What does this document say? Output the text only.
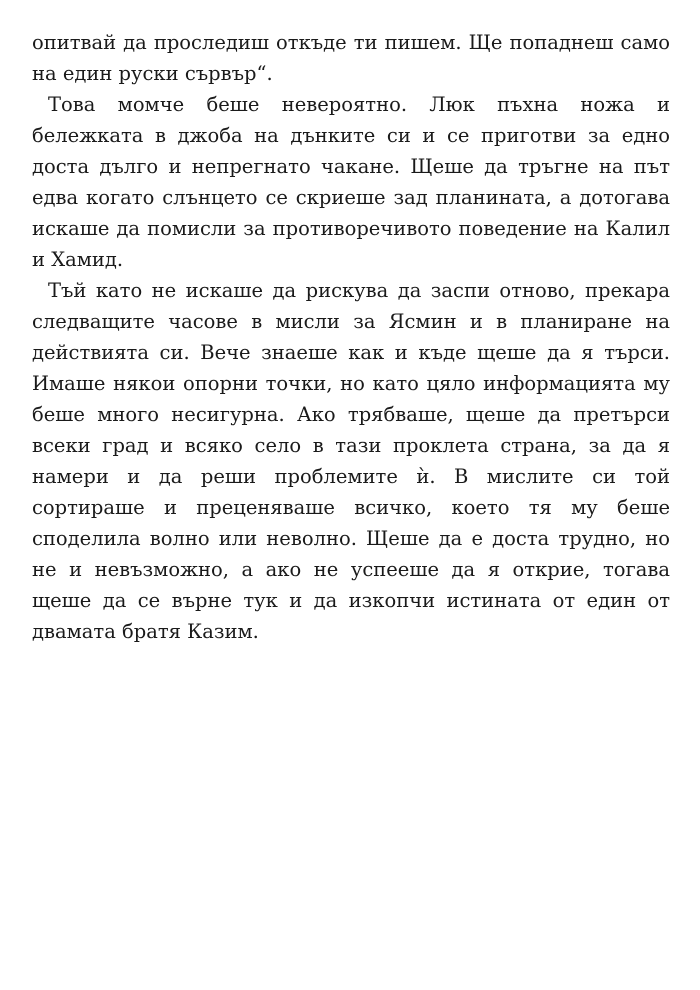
опитвай да проследиш откъде ти пишем. Ще попаднеш само на един руски сървър“.

Това момче беше невероятно. Люк пъхна ножа и бележката в джоба на дънките си и се приготви за едно доста дълго и непрегнато чакане. Щеше да тръгне на път едва когато слънцето се скриеше зад планината, а дотогава искаше да помисли за противоречивото поведение на Калил и Хамид.

Тъй като не искаше да рискува да заспи отново, прекара следващите часове в мисли за Ясмин и в планиране на действията си. Вече знаеше как и къде щеше да я търси. Имаше някои опорни точки, но като цяло информацията му беше много несигурна. Ако трябваше, щеше да претърси всеки град и всяко село в тази проклета страна, за да я намери и да реши проблемите ѝ. В мислите си той сортираше и преценяваше всичко, което тя му беше споделила волно или неволно. Щеше да е доста трудно, но не и невъзможно, а ако не успееше да я открие, тогава щеше да се върне тук и да изкопчи истината от един от двамата братя Казим.
